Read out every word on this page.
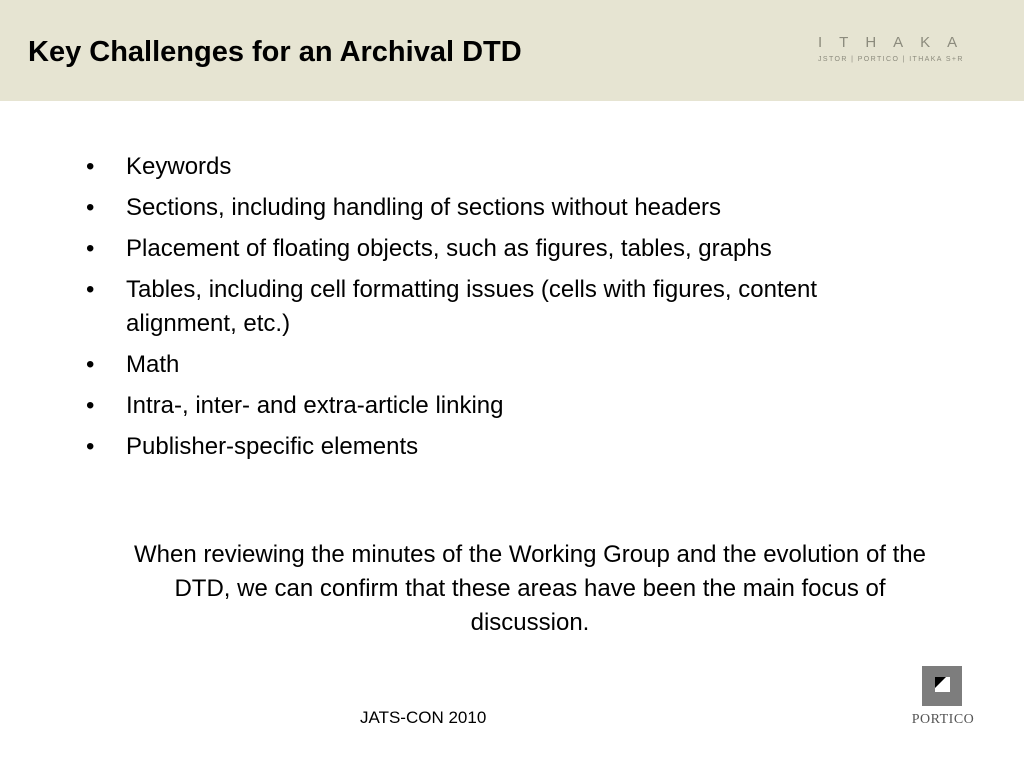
Key Challenges for an Archival DTD	ITHAKA
JSTOR | PORTICO | ITHAKA S+R
• Keywords
• Sections, including handling of sections without headers
• Placement of floating objects, such as figures, tables, graphs
• Tables, including cell formatting issues (cells with figures, content alignment, etc.)
• Math
• Intra-, inter- and extra-article linking
• Publisher-specific elements
When reviewing the minutes of the Working Group and the evolution of the DTD, we can confirm that these areas have been the main focus of discussion.
JATS-CON 2010	PORTICO
